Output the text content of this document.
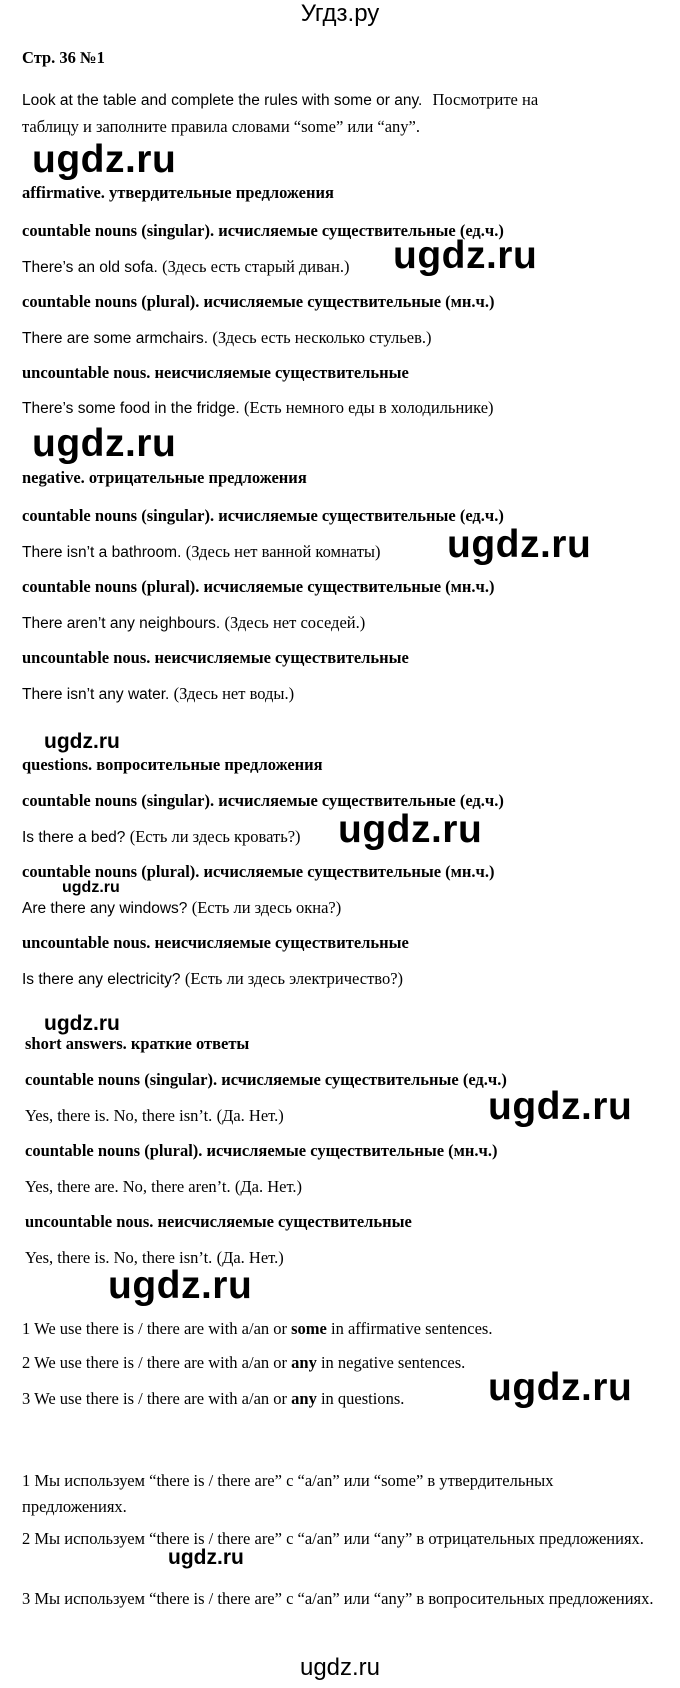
Угдз.ру
Стр. 36 №1
Look at the table and complete the rules with some or any. Посмотрите на
таблицу и заполните правила словами “some” или “any”.
ugdz.ru
affirmative. утвердительные предложения
countable nouns (singular). исчисляемые существительные (ед.ч.)
There’s an old sofa. (Здесь есть старый диван.) ugdz.ru
countable nouns (plural). исчисляемые существительные (мн.ч.)
There are some armchairs. (Здесь есть несколько стульев.)
uncountable nous. неисчисляемые существительные
There’s some food in the fridge. (Есть немного еды в холодильнике)
ugdz.ru
negative. отрицательные предложения
countable nouns (singular). исчисляемые существительные (ед.ч.)
There isn’t a bathroom. (Здесь нет ванной комнаты) ugdz.ru
countable nouns (plural). исчисляемые существительные (мн.ч.)
There aren’t any neighbours. (Здесь нет соседей.)
uncountable nous. неисчисляемые существительные
There isn’t any water. (Здесь нет воды.)
ugdz.ru
questions. вопросительные предложения
countable nouns (singular). исчисляемые существительные (ед.ч.)
Is there a bed? (Есть ли здесь кровать?) ugdz.ru
countable nouns (plural). исчисляемые существительные (мн.ч.)
ugdz.ru
Are there any windows? (Есть ли здесь окна?)
uncountable nous. неисчисляемые существительные
Is there any electricity? (Есть ли здесь электричество?)
ugdz.ru
short answers. краткие ответы
countable nouns (singular). исчисляемые существительные (ед.ч.)
Yes, there is. No, there isn’t. (Да. Нет.)	ugdz.ru
countable nouns (plural). исчисляемые существительные (мн.ч.)
Yes, there are. No, there aren’t. (Да. Нет.)
uncountable nous. неисчисляемые существительные
Yes, there is. No, there isn’t. (Да. Нет.)
ugdz.ru
1 We use there is / there are with a/an or some in affirmative sentences.
2 We use there is / there are with a/an or any in negative sentences.
3 We use there is / there are with a/an or any in questions. ugdz.ru
1 Мы используем “there is / there are” с “a/an” или “some” в утвердительных предложениях.
2 Мы используем “there is / there are” с “a/an” или “any” в отрицательных предложениях.
ugdz.ru
3 Мы используем “there is / there are” с “a/an” или “any” в вопросительных предложениях.
ugdz.ru
